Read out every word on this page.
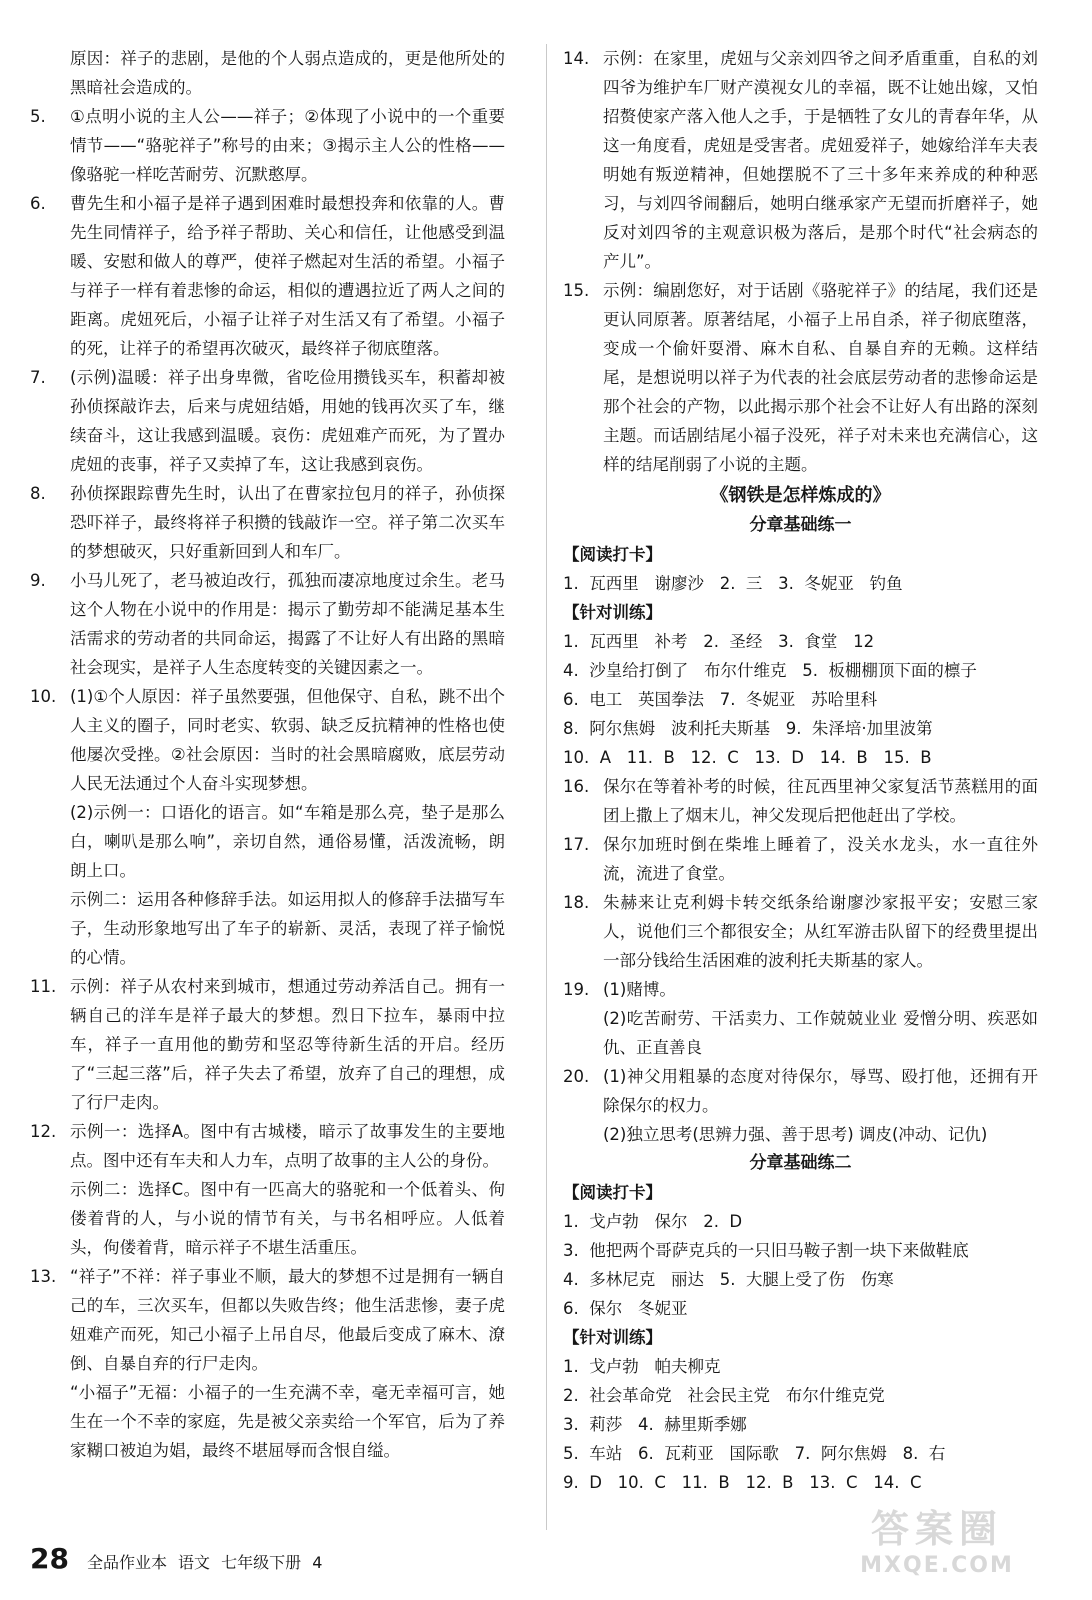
原因：祥子的悲剧，是他的个人弱点造成的，更是他所处的黑暗社会造成的。

5.	①点明小说的主人公——祥子；②体现了小说中的一个重要情节——“骆驼祥子”称号的由来；③揭示主人公的性格——像骆驼一样吃苦耐劳、沉默憨厚。

6.	曹先生和小福子是祥子遇到困难时最想投奔和依靠的人。曹先生同情祥子，给予祥子帮助、关心和信任，让他感受到温暖、安慰和做人的尊严，使祥子燃起对生活的希望。小福子与祥子一样有着悲惨的命运，相似的遭遇拉近了两人之间的距离。虎妞死后，小福子让祥子对生活又有了希望。小福子的死，让祥子的希望再次破灭，最终祥子彻底堕落。

7.	(示例)温暖：祥子出身卑微，省吃俭用攒钱买车，积蓄却被孙侦探敲诈去，后来与虎妞结婚，用她的钱再次买了车，继续奋斗，这让我感到温暖。哀伤：虎妞难产而死，为了置办虎妞的丧事，祥子又卖掉了车，这让我感到哀伤。

8.	孙侦探跟踪曹先生时，认出了在曹家拉包月的祥子，孙侦探恐吓祥子，最终将祥子积攒的钱敲诈一空。祥子第二次买车的梦想破灭，只好重新回到人和车厂。

9.	小马儿死了，老马被迫改行，孤独而凄凉地度过余生。老马这个人物在小说中的作用是：揭示了勤劳却不能满足基本生活需求的劳动者的共同命运，揭露了不让好人有出路的黑暗社会现实，是祥子人生态度转变的关键因素之一。

10. (1)①个人原因：祥子虽然要强，但他保守、自私，跳不出个人主义的圈子，同时老实、软弱、缺乏反抗精神的性格也使他屡次受挫。②社会原因：当时的社会黑暗腐败，底层劳动人民无法通过个人奋斗实现梦想。

(2)示例一：口语化的语言。如“车箱是那么亮，垫子是那么白，喇叭是那么响”，亲切自然，通俗易懂，活泼流畅，朗朗上口。

示例二：运用各种修辞手法。如运用拟人的修辞手法描写车子，生动形象地写出了车子的崭新、灵活，表现了祥子愉悦的心情。

11. 示例：祥子从农村来到城市，想通过劳动养活自己。拥有一辆自己的洋车是祥子最大的梦想。烈日下拉车，暴雨中拉车，祥子一直用他的勤劳和坚忍等待新生活的开启。经历了“三起三落”后，祥子失去了希望，放弃了自己的理想，成了行尸走肉。

12. 示例一：选择A。图中有古城楼，暗示了故事发生的主要地点。图中还有车夫和人力车，点明了故事的主人公的身份。

示例二：选择C。图中有一匹高大的骆驼和一个低着头、佝偻着背的人，与小说的情节有关，与书名相呼应。人低着头，佝偻着背，暗示祥子不堪生活重压。

13. “祥子”不祥：祥子事业不顺，最大的梦想不过是拥有一辆自己的车，三次买车，但都以失败告终；他生活悲惨，妻子虎妞难产而死，知己小福子上吊自尽，他最后变成了麻木、潦倒、自暴自弃的行尸走肉。

“小福子”无福：小福子的一生充满不幸，毫无幸福可言，她生在一个不幸的家庭，先是被父亲卖给一个军官，后为了养家糊口被迫为娼，最终不堪屈辱而含恨自缢。

14. 示例：在家里，虎妞与父亲刘四爷之间矛盾重重，自私的刘四爷为维护车厂财产漠视女儿的幸福，既不让她出嫁，又怕招赘使家产落入他人之手，于是牺牲了女儿的青春年华，从这一角度看，虎妞是受害者。虎妞爱祥子，她嫁给洋车夫表明她有叛逆精神，但她摆脱不了三十多年来养成的种种恶习，与刘四爷闹翻后，她明白继承家产无望而折磨祥子，她反对刘四爷的主观意识极为落后，是那个时代“社会病态的产儿”。

15. 示例：编剧您好，对于话剧《骆驼祥子》的结尾，我们还是更认同原著。原著结尾，小福子上吊自杀，祥子彻底堕落，变成一个偷奸耍滑、麻木自私、自暴自弃的无赖。这样结尾，是想说明以祥子为代表的社会底层劳动者的悲惨命运是那个社会的产物，以此揭示那个社会不让好人有出路的深刻主题。而话剧结尾小福子没死，祥子对未来也充满信心，这样的结尾削弱了小说的主题。

《钢铁是怎样炼成的》
分章基础练一
【阅读打卡】
1.  瓦西里   谢廖沙   2.  三   3.  冬妮亚   钓鱼
【针对训练】
1.  瓦西里   补考   2.  圣经   3.  食堂   12
4.  沙皇给打倒了   布尔什维克   5.  板棚棚顶下面的檩子
6.  电工   英国拳法   7.  冬妮亚   苏哈里科
8.  阿尔焦姆   波利托夫斯基   9.  朱泽培·加里波第
10.  A   11.  B   12.  C   13.  D   14.  B   15.  B
16. 保尔在等着补考的时候，往瓦西里神父家复活节蒸糕用的面团上撒上了烟末儿，神父发现后把他赶出了学校。

17. 保尔加班时倒在柴堆上睡着了，没关水龙头，水一直往外流，流进了食堂。

18. 朱赫来让克利姆卡转交纸条给谢廖沙家报平安；安慰三家人，说他们三个都很安全；从红军游击队留下的经费里提出一部分钱给生活困难的波利托夫斯基的家人。

19. (1)赌博。

(2)吃苦耐劳、干活卖力、工作兢兢业业 爱憎分明、疾恶如仇、正直善良

20. (1)神父用粗暴的态度对待保尔，辱骂、殴打他，还拥有开除保尔的权力。

(2)独立思考(思辨力强、善于思考) 调皮(冲动、记仇)

分章基础练二
【阅读打卡】
1.  戈卢勃   保尔   2.  D
3.  他把两个哥萨克兵的一只旧马鞍子割一块下来做鞋底
4.  多林尼克   丽达   5.  大腿上受了伤   伤寒
6.  保尔   冬妮亚
【针对训练】
1.  戈卢勃   帕夫柳克
2.  社会革命党   社会民主党   布尔什维克党
3.  莉莎   4.  赫里斯季娜
5.  车站   6.  瓦莉亚   国际歌   7.  阿尔焦姆   8.  右
9.  D   10.  C   11.  B   12.  B   13.  C   14.  C
28 全品作业本 语文 七年级下册 4
答案圈
MXQE.COM
